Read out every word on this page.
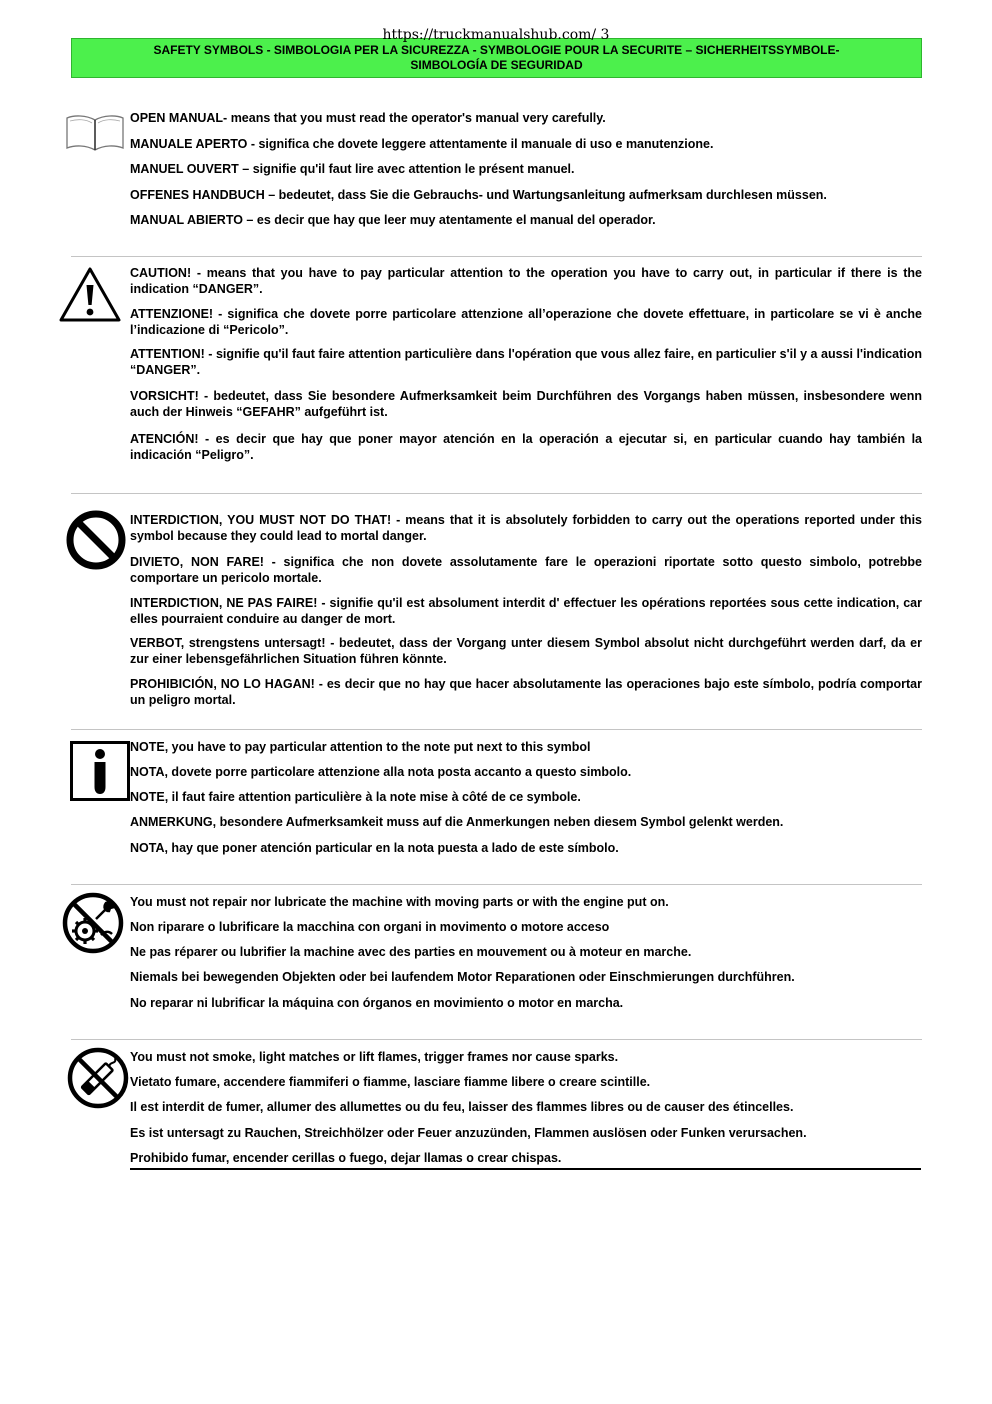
https://truckmanualshub.com/ 3
SAFETY SYMBOLS - SIMBOLOGIA PER LA SICUREZZA - SYMBOLOGIE POUR LA SECURITE – SICHERHEITSSYMBOLE-
SIMBOLOGÍA DE SEGURIDAD
OPEN MANUAL- means that you must read the operator's manual very carefully.
MANUALE APERTO - significa che dovete leggere attentamente il manuale di uso e manutenzione.
MANUEL OUVERT – signifie qu'il faut lire avec attention le présent manuel.
OFFENES HANDBUCH – bedeutet, dass Sie die Gebrauchs- und Wartungsanleitung aufmerksam durchlesen müssen.
MANUAL ABIERTO – es decir que hay que leer muy atentamente el manual del operador.
CAUTION! - means that you have to pay particular attention to the operation you have to carry out, in particular if there is the indication “DANGER”.
ATTENZIONE! - significa che dovete porre particolare attenzione all’operazione che dovete effettuare, in particolare se vi è anche l’indicazione di “Pericolo”.
ATTENTION! - signifie qu'il faut faire attention particulière dans l'opération que vous allez faire, en particulier s'il y a aussi l'indication “DANGER”.
VORSICHT! - bedeutet, dass Sie besondere Aufmerksamkeit beim Durchführen des Vorgangs haben müssen, insbesondere wenn auch der Hinweis “GEFAHR” aufgeführt ist.
ATENCIÓN! - es decir que hay que poner mayor atención en la operación a ejecutar si, en particular cuando hay también la indicación “Peligro”.
INTERDICTION, YOU MUST NOT DO THAT! - means that it is absolutely forbidden to carry out the operations reported under this symbol because they could lead to mortal danger.
DIVIETO, NON FARE! - significa che non dovete assolutamente fare le operazioni riportate sotto questo simbolo, potrebbe comportare un pericolo mortale.
INTERDICTION, NE PAS FAIRE! - signifie qu'il est absolument interdit d' effectuer les opérations reportées sous cette indication, car elles pourraient conduire au danger de mort.
VERBOT, strengstens untersagt! - bedeutet, dass der Vorgang unter diesem Symbol absolut nicht durchgeführt werden darf, da er zur einer lebensgefährlichen Situation führen könnte.
PROHIBICIÓN, NO LO HAGAN! - es decir que no hay que hacer absolutamente las operaciones bajo este símbolo, podría comportar un peligro mortal.
NOTE, you have to pay particular attention to the note put next to this symbol
NOTA, dovete porre particolare attenzione alla nota posta accanto a questo simbolo.
NOTE, il faut faire attention particulière à la note mise à côté de ce symbole.
ANMERKUNG, besondere Aufmerksamkeit muss auf die Anmerkungen neben diesem Symbol gelenkt werden.
NOTA, hay que poner atención particular en la nota puesta a lado de este símbolo.
You must not repair nor lubricate the machine with moving parts or with the engine put on.
Non riparare o lubrificare la macchina con organi in movimento o motore acceso
Ne pas réparer ou lubrifier la machine avec des parties en mouvement ou à moteur en marche.
Niemals bei bewegenden Objekten oder bei laufendem Motor Reparationen oder Einschmierungen durchführen.
No reparar ni lubrificar la máquina con órganos en movimiento o motor en marcha.
You must not smoke, light matches or lift flames, trigger frames nor cause sparks.
Vietato fumare, accendere fiammiferi o fiamme, lasciare fiamme libere o creare scintille.
Il est interdit de fumer, allumer des allumettes ou du feu, laisser des flammes libres ou de causer des étincelles.
Es ist untersagt zu Rauchen, Streichhölzer oder Feuer anzuzünden, Flammen auslösen oder Funken verursachen.
Prohibido fumar, encender cerillas o fuego, dejar llamas o crear chispas.
